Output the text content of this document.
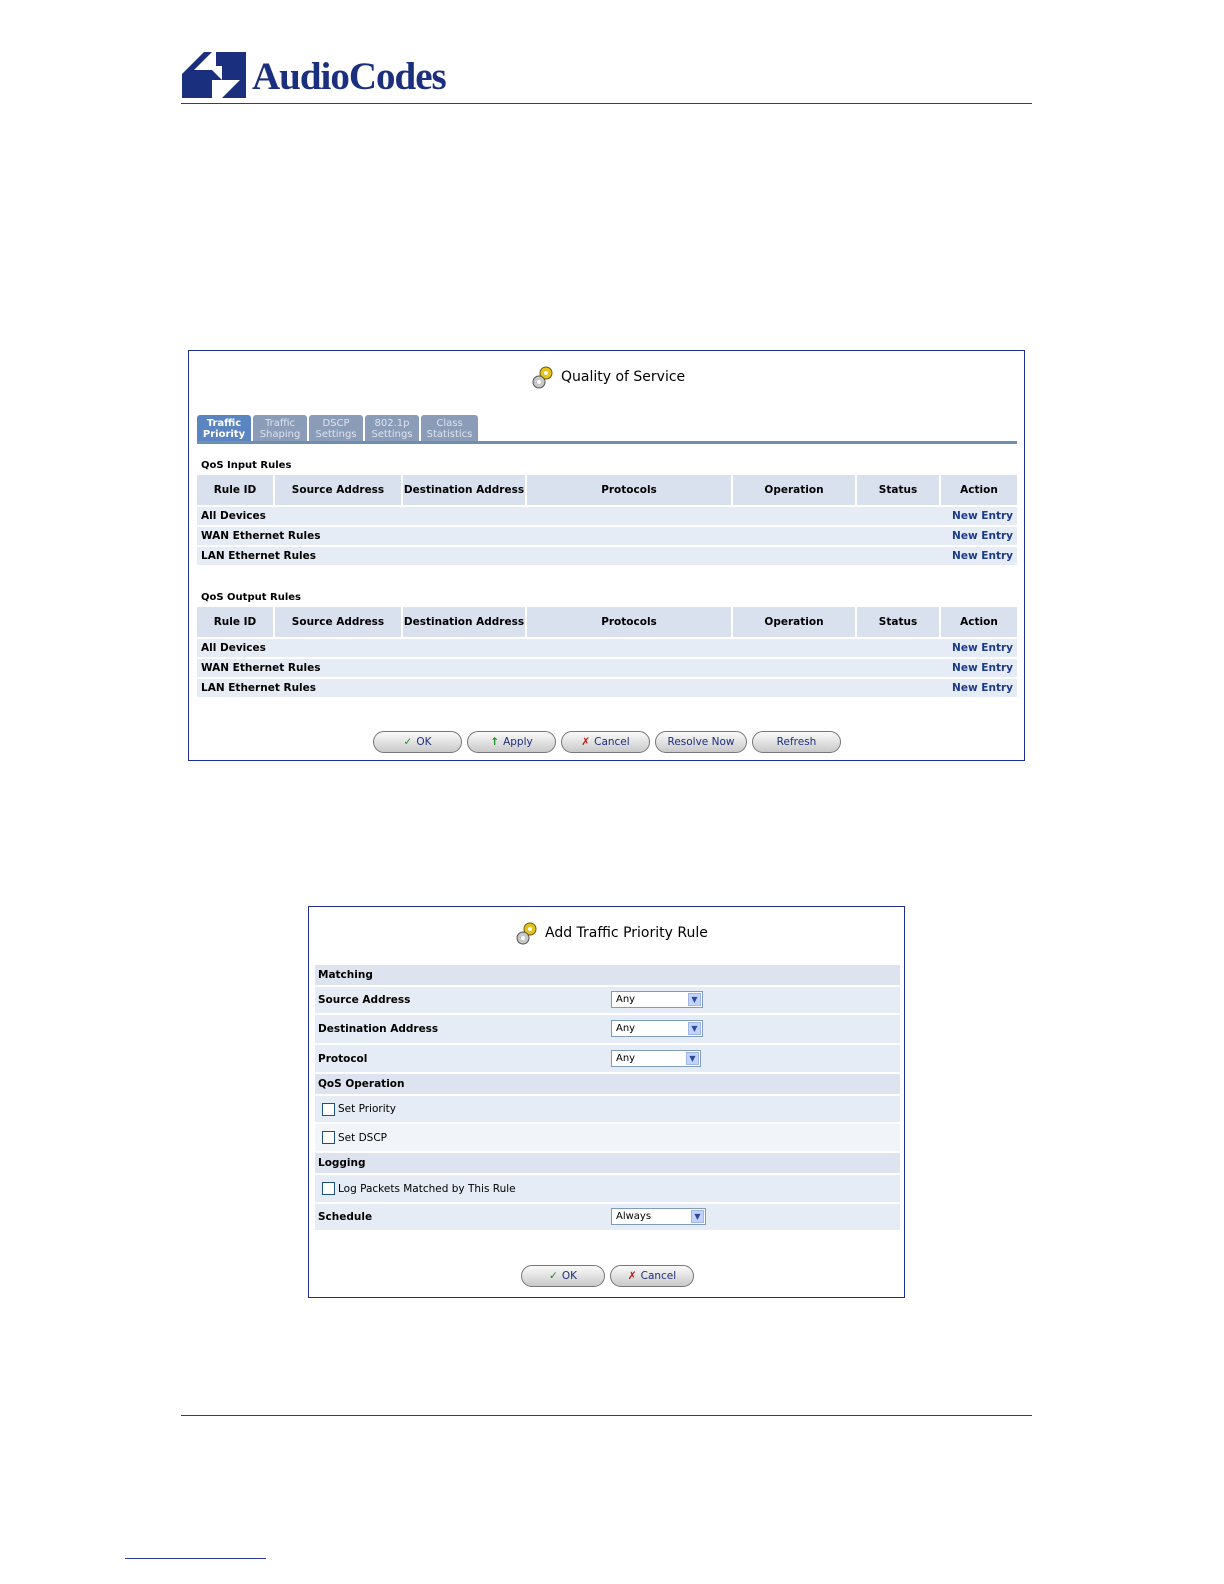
AudioCodes
Quality of Service
Traffic
Priority
Traffic
Shaping
DSCP
Settings
802.1p
Settings
Class
Statistics
QoS Input Rules
Rule ID	Source Address	Destination Address	Protocols	Operation	Status	Action
All Devices						New Entry
WAN Ethernet Rules						New Entry
LAN Ethernet Rules						New Entry
QoS Output Rules
Rule ID	Source Address	Destination Address	Protocols	Operation	Status	Action
All Devices						New Entry
WAN Ethernet Rules						New Entry
LAN Ethernet Rules						New Entry
✓ OK	↑ Apply	✗ Cancel	Resolve Now	Refresh
Add Traffic Priority Rule
Matching
Source Address	Any	▼
Destination Address	Any	▼
Protocol	Any	▼
QoS Operation
Set Priority
Set DSCP
Logging
Log Packets Matched by This Rule
Schedule	Always	▼
✓ OK	✗ Cancel
